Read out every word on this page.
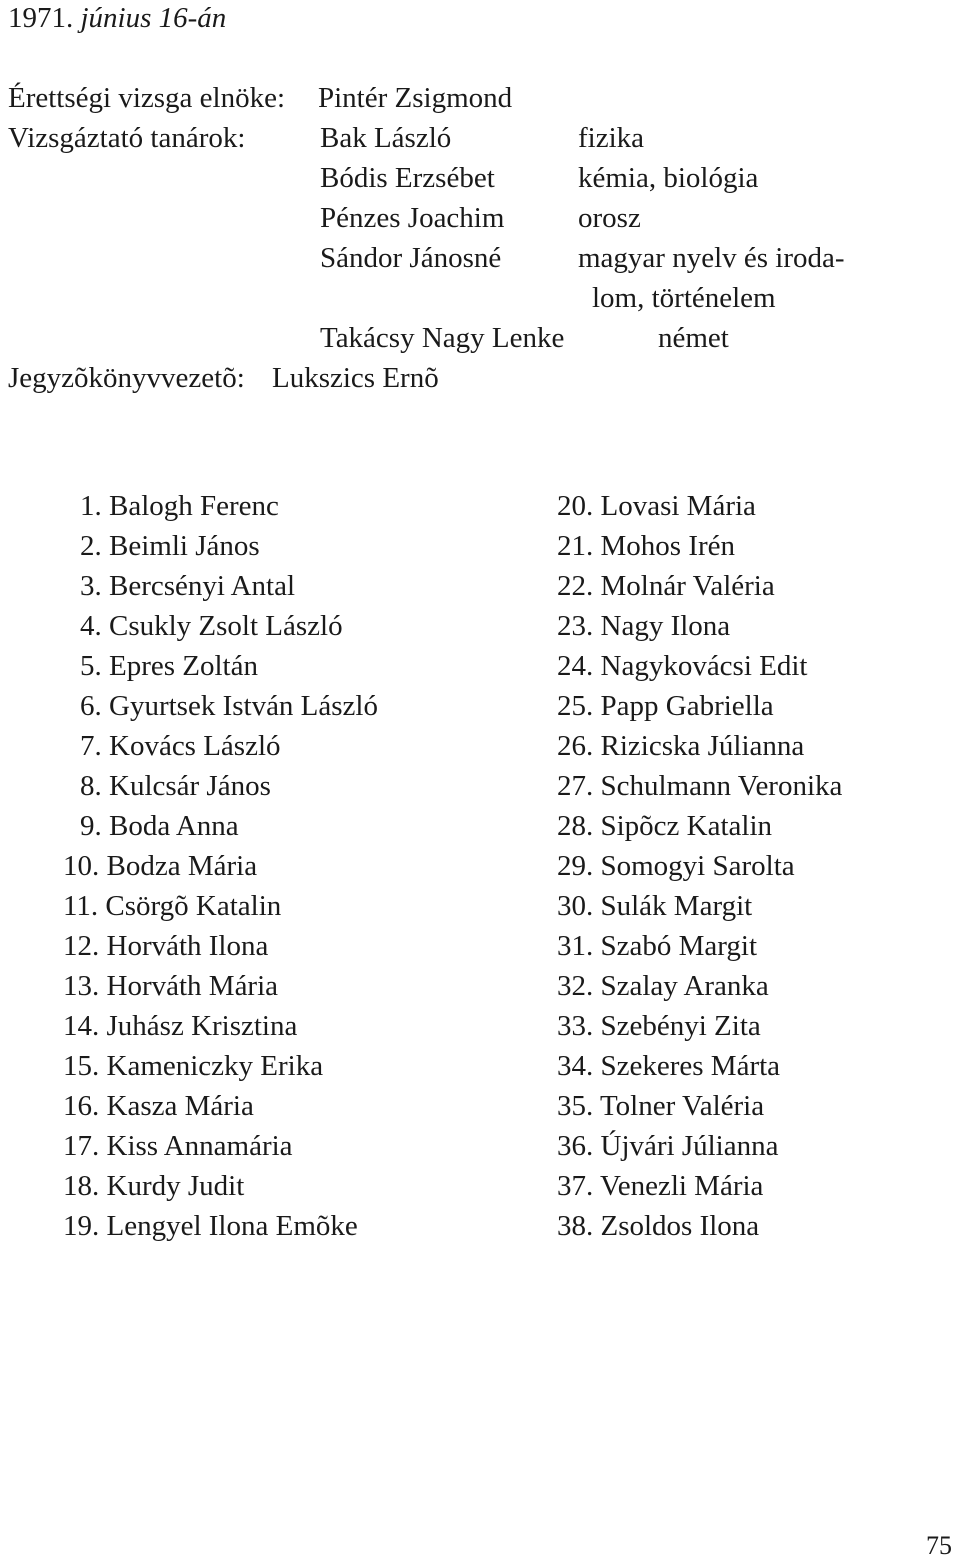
1971. június 16-án
Érettségi vizsga elnöke: Pintér Zsigmond
Vizsgáztató tanárok:	Bak László	fizika
Bódis Erzsébet	kémia, biológia
Pénzes Joachim	orosz
Sándor Jánosné	magyar nyelv és iroda-
lom, történelem
Takácsy Nagy Lenke	német
Jegyzõkönyvvezetõ: Lukszics Ernõ
1. Balogh Ferenc
2. Beimli János
3. Bercsényi Antal
4. Csukly Zsolt László
5. Epres Zoltán
6. Gyurtsek István László
7. Kovács László
8. Kulcsár János
9. Boda Anna
10. Bodza Mária
11. Csörgõ Katalin
12. Horváth Ilona
13. Horváth Mária
14. Juhász Krisztina
15. Kameniczky Erika
16. Kasza Mária
17. Kiss Annamária
18. Kurdy Judit
19. Lengyel Ilona Emõke
20. Lovasi Mária
21. Mohos Irén
22. Molnár Valéria
23. Nagy Ilona
24. Nagykovácsi Edit
25. Papp Gabriella
26. Rizicska Júlianna
27. Schulmann Veronika
28. Sipõcz Katalin
29. Somogyi Sarolta
30. Sulák Margit
31. Szabó Margit
32. Szalay Aranka
33. Szebényi Zita
34. Szekeres Márta
35. Tolner Valéria
36. Újvári Júlianna
37. Venezli Mária
38. Zsoldos Ilona
75
